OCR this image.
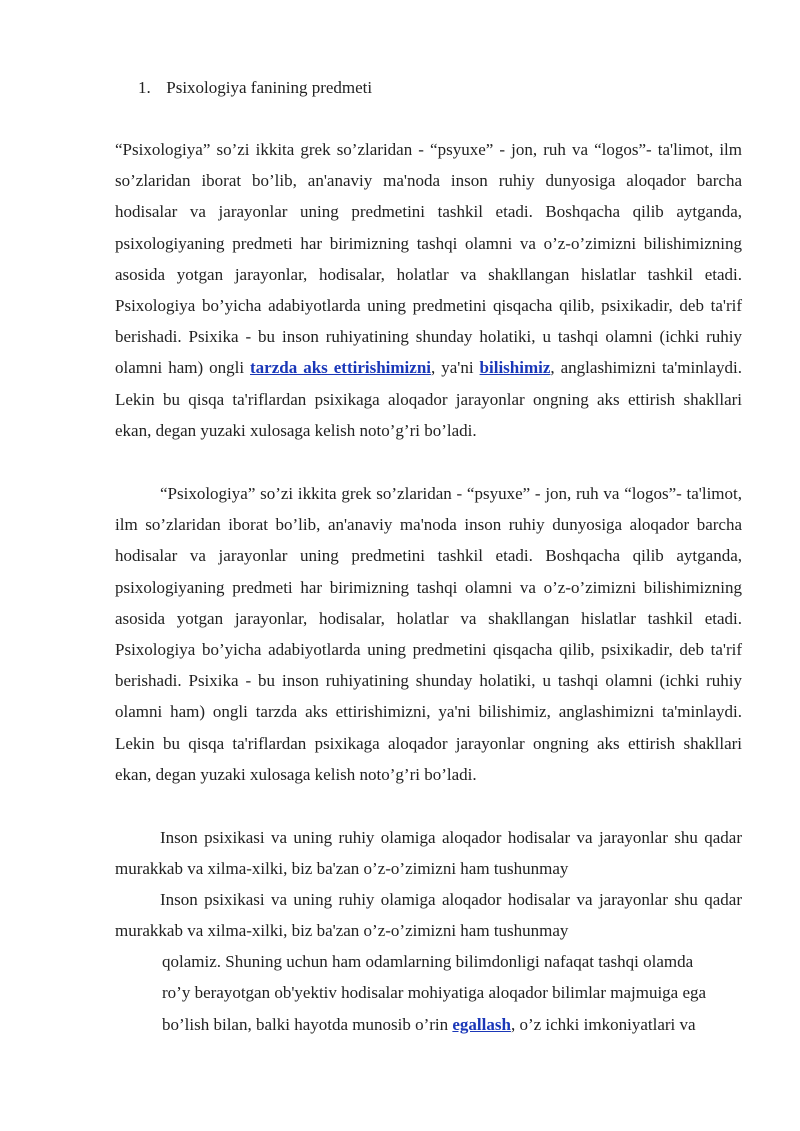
1. Psixologiya fanining predmeti

“Psixologiya” so’zi ikkita grek so’zlaridan - “psyuxe” - jon, ruh va “logos”- ta'limot, ilm so’zlaridan iborat bo’lib, an'anaviy ma'noda inson ruhiy dunyosiga aloqador barcha hodisalar va jarayonlar uning predmetini tashkil etadi. Boshqacha qilib aytganda, psixologiyaning predmeti har birimizning tashqi olamni va o’z-o’zimizni bilishimizning asosida yotgan jarayonlar, hodisalar, holatlar va shakllangan hislatlar tashkil etadi. Psixologiya bo’yicha adabiyotlarda uning predmetini qisqacha qilib, psixikadir, deb ta'rif berishadi. Psixika - bu inson ruhiyatining shunday holatiki, u tashqi olamni (ichki ruhiy olamni ham) ongli tarzda aks ettirishimizni, ya'ni bilishimiz, anglashimizni ta'minlaydi. Lekin bu qisqa ta'riflardan psixikaga aloqador jarayonlar ongning aks ettirish shakllari ekan, degan yuzaki xulosaga kelish noto’g’ri bo’ladi.

“Psixologiya” so’zi ikkita grek so’zlaridan - “psyuxe” - jon, ruh va “logos”- ta'limot, ilm so’zlaridan iborat bo’lib, an'anaviy ma'noda inson ruhiy dunyosiga aloqador barcha hodisalar va jarayonlar uning predmetini tashkil etadi. Boshqacha qilib aytganda, psixologiyaning predmeti har birimizning tashqi olamni va o’z-o’zimizni bilishimizning asosida yotgan jarayonlar, hodisalar, holatlar va shakllangan hislatlar tashkil etadi. Psixologiya bo’yicha adabiyotlarda uning predmetini qisqacha qilib, psixikadir, deb ta'rif berishadi. Psixika - bu inson ruhiyatining shunday holatiki, u tashqi olamni (ichki ruhiy olamni ham) ongli tarzda aks ettirishimizni, ya'ni bilishimiz, anglashimizni ta'minlaydi. Lekin bu qisqa ta'riflardan psixikaga aloqador jarayonlar ongning aks ettirish shakllari ekan, degan yuzaki xulosaga kelish noto’g’ri bo’ladi.

Inson psixikasi va uning ruhiy olamiga aloqador hodisalar va jarayonlar shu qadar murakkab va xilma-xilki, biz ba'zan o’z-o’zimizni ham tushunmay

Inson psixikasi va uning ruhiy olamiga aloqador hodisalar va jarayonlar shu qadar murakkab va xilma-xilki, biz ba'zan o’z-o’zimizni ham tushunmay

qolamiz. Shuning uchun ham odamlarning bilimdonligi nafaqat tashqi olamda

ro’y berayotgan ob'yektiv hodisalar mohiyatiga aloqador bilimlar majmuiga ega

bo’lish bilan, balki hayotda munosib o’rin egallash, o’z ichki imkoniyatlari va
